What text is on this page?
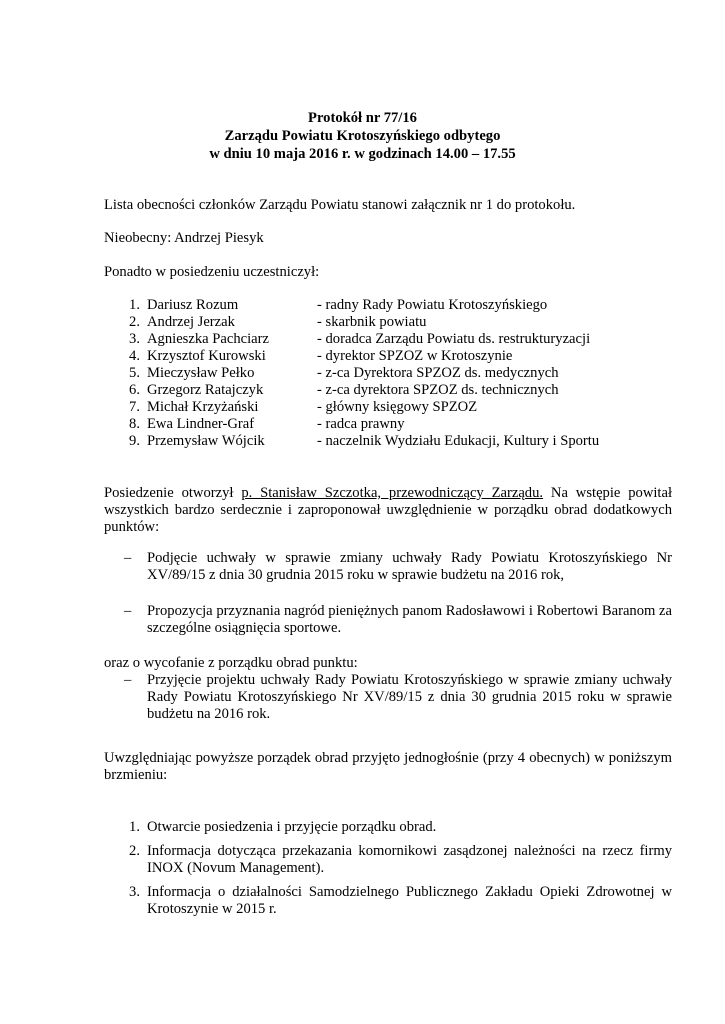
Protokół nr 77/16
Zarządu Powiatu Krotoszyńskiego odbytego
w dniu 10 maja 2016 r. w godzinach 14.00 – 17.55
Lista obecności członków Zarządu Powiatu stanowi załącznik nr 1 do protokołu.
Nieobecny: Andrzej Piesyk
Ponadto w posiedzeniu uczestniczył:
1. Dariusz Rozum	- radny Rady Powiatu Krotoszyńskiego
2. Andrzej Jerzak	- skarbnik powiatu
3. Agnieszka Pachciarz	- doradca Zarządu Powiatu ds. restrukturyzacji
4. Krzysztof Kurowski	- dyrektor SPZOZ w Krotoszynie
5. Mieczysław Pełko	- z-ca Dyrektora SPZOZ ds. medycznych
6. Grzegorz Ratajczyk	- z-ca dyrektora SPZOZ ds. technicznych
7. Michał Krzyżański	- główny księgowy SPZOZ
8. Ewa Lindner-Graf	- radca prawny
9. Przemysław Wójcik	- naczelnik Wydziału Edukacji, Kultury i Sportu
Posiedzenie otworzył p. Stanisław Szczotka, przewodniczący Zarządu. Na wstępie powitał
wszystkich bardzo serdecznie i zaproponował uwzględnienie w porządku obrad dodatkowych
punktów:
– Podjęcie uchwały w sprawie zmiany uchwały Rady Powiatu Krotoszyńskiego Nr
XV/89/15 z dnia 30 grudnia 2015 roku w sprawie budżetu na 2016 rok,
– Propozycja przyznania nagród pieniężnych panom Radosławowi i Robertowi Baranom za
szczególne osiągnięcia sportowe.
oraz o wycofanie z porządku obrad punktu:
– Przyjęcie projektu uchwały Rady Powiatu Krotoszyńskiego w sprawie zmiany uchwały
Rady Powiatu Krotoszyńskiego Nr XV/89/15 z dnia 30 grudnia 2015 roku w sprawie
budżetu na 2016 rok.
Uwzględniając powyższe porządek obrad przyjęto jednogłośnie (przy 4 obecnych) w poniższym
brzmieniu:
1. Otwarcie posiedzenia i przyjęcie porządku obrad.
2. Informacja dotycząca przekazania komornikowi zasądzonej należności na rzecz firmy
INOX (Novum Management).
3. Informacja o działalności Samodzielnego Publicznego Zakładu Opieki Zdrowotnej w
Krotoszynie w 2015 r.
